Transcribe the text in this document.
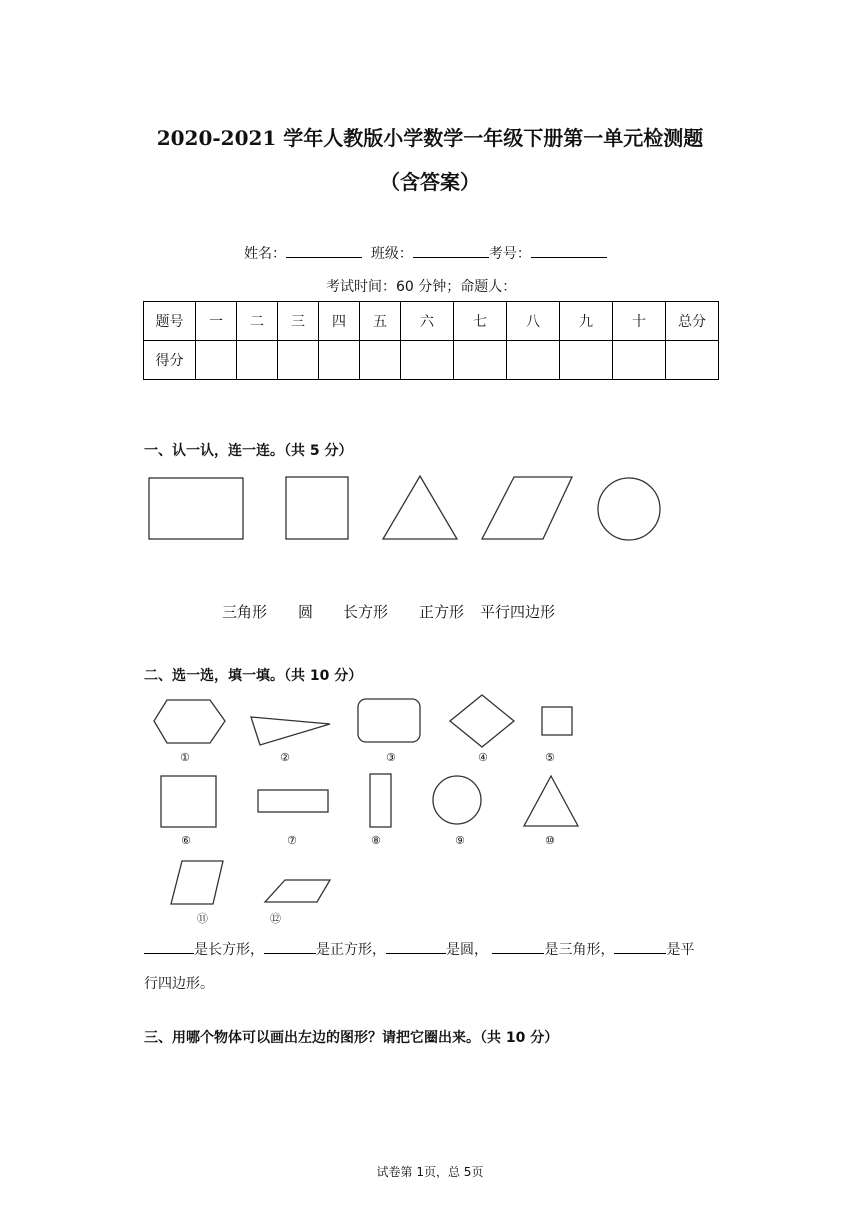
2020-2021 学年人教版小学数学一年级下册第一单元检测题
（含答案）
姓名：	班级：	考号：
考试时间：60 分钟；命题人：
题号	一	二	三	四	五	六	七	八	九	十	总分
得分											
一、认一认，连一连。（共 5 分）
三角形 圆 长方形 正方形 平行四边形
二、选一选，填一填。（共 10 分）
①	②	③	④	⑤
⑥	⑦	⑧	⑨	⑩
⑪	⑫
是长方形，	是正方形，	是圆，	是三角形，	是平
行四边形。
三、用哪个物体可以画出左边的图形？请把它圈出来。（共 10 分）
试卷第 1页，总 5页
